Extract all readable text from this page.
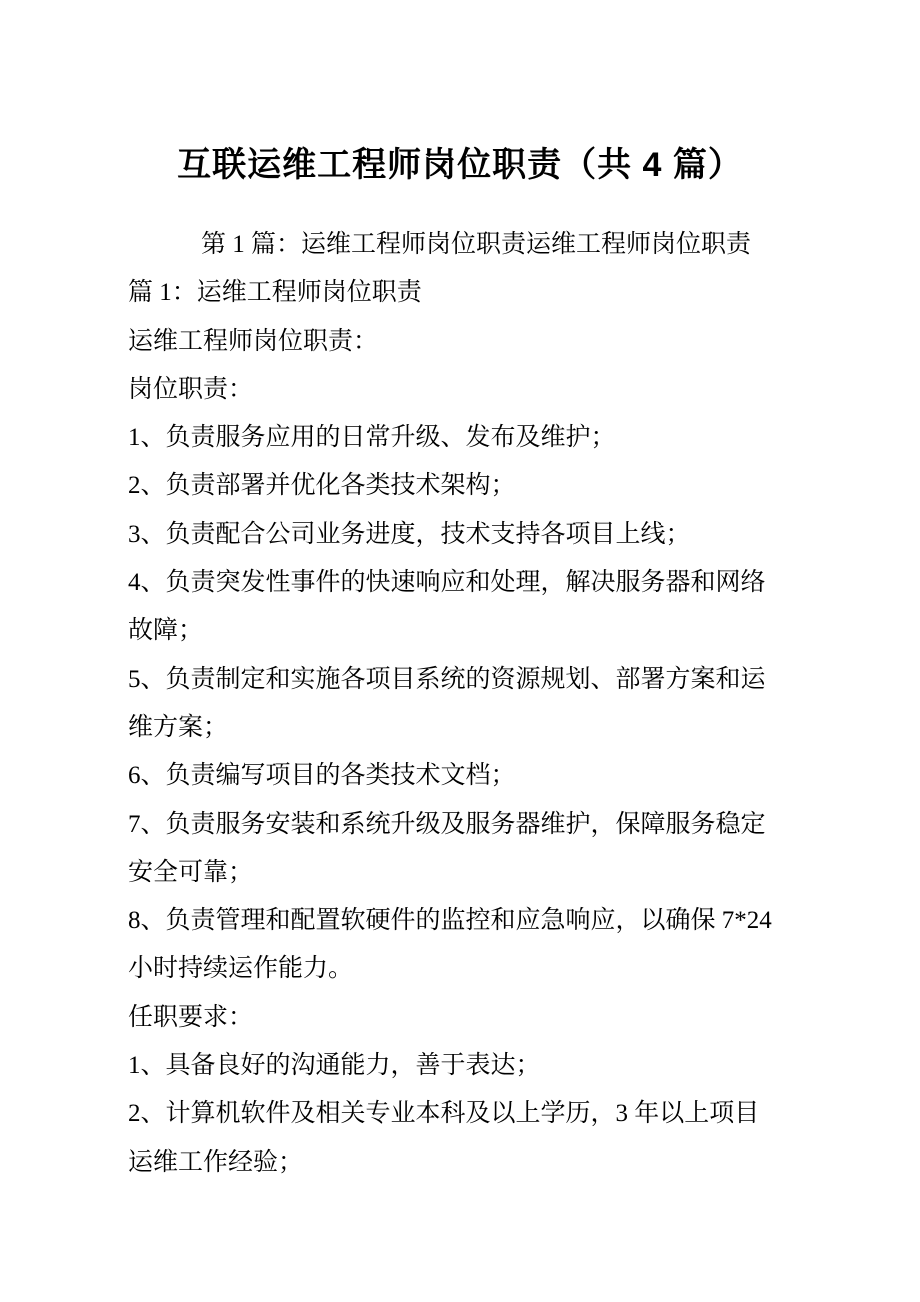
互联运维工程师岗位职责（共 4 篇）
第 1 篇：运维工程师岗位职责运维工程师岗位职责
篇 1：运维工程师岗位职责
运维工程师岗位职责：
岗位职责：
1、负责服务应用的日常升级、发布及维护；
2、负责部署并优化各类技术架构；
3、负责配合公司业务进度，技术支持各项目上线；
4、负责突发性事件的快速响应和处理，解决服务器和网络
故障；
5、负责制定和实施各项目系统的资源规划、部署方案和运
维方案；
6、负责编写项目的各类技术文档；
7、负责服务安装和系统升级及服务器维护，保障服务稳定
安全可靠；
8、负责管理和配置软硬件的监控和应急响应，以确保 7*24
小时持续运作能力。
任职要求：
1、具备良好的沟通能力，善于表达；
2、计算机软件及相关专业本科及以上学历，3 年以上项目
运维工作经验；
